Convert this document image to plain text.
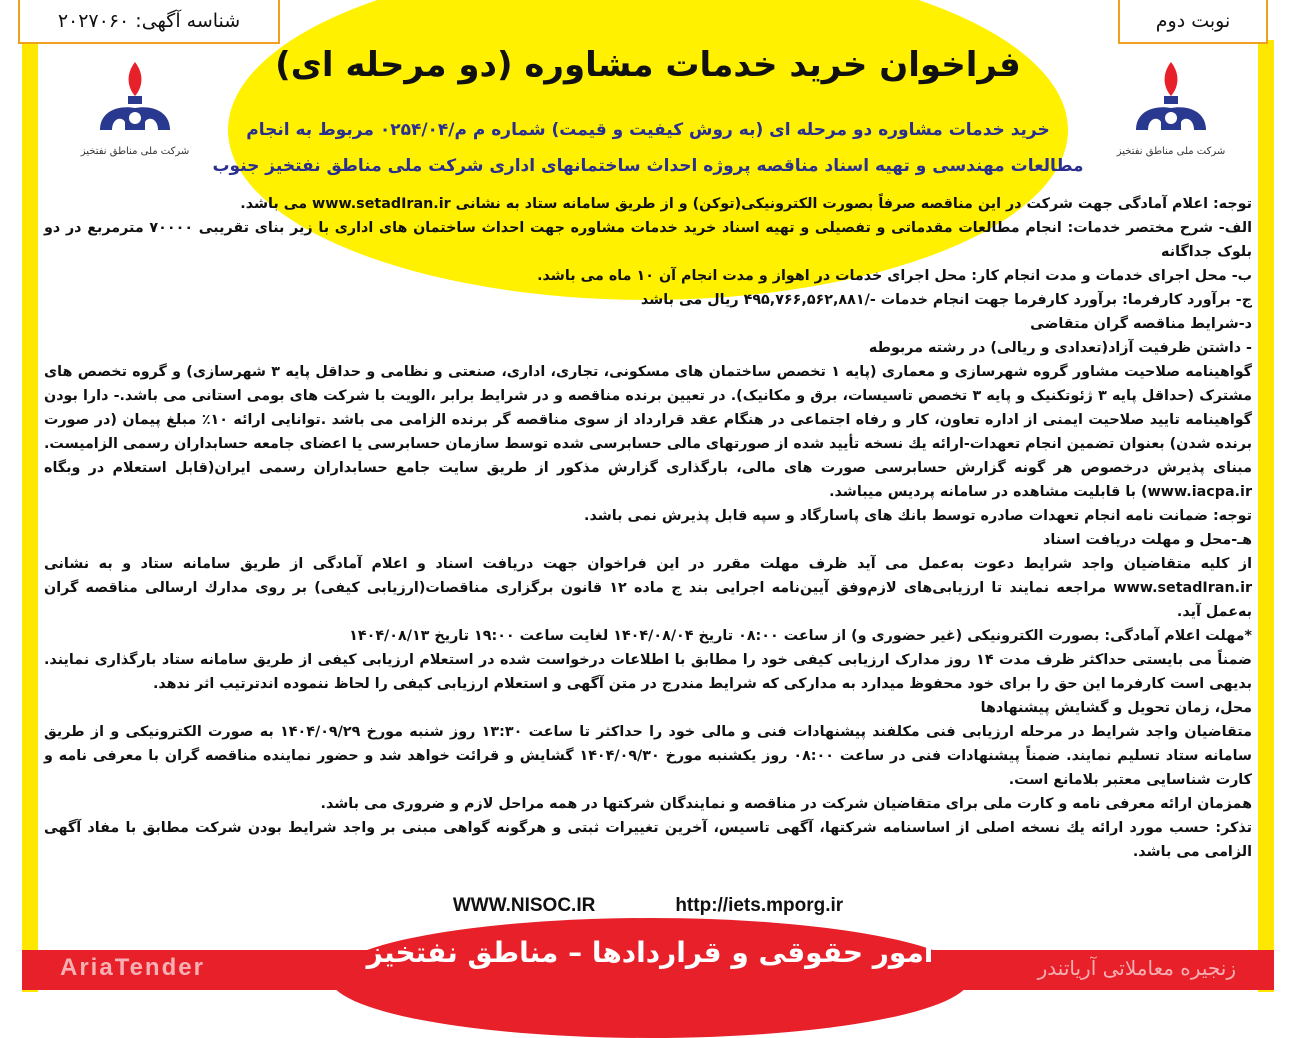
نوبت دوم
شناسه آگهی: ۲۰۲۷۰۶۰
شرکت ملی مناطق نفتخیز
شرکت ملی مناطق نفتخیز
فراخوان خرید خدمات مشاوره (دو مرحله ای)
خرید خدمات مشاوره دو مرحله ای (به روش کیفیت و قیمت) شماره م م/۰۲۵۴/۰۴ مربوط به انجام
مطالعات مهندسی و تهیه اسناد مناقصه پروژه احداث ساختمانهای اداری شرکت ملی مناطق نفتخیز جنوب

توجه: اعلام آمادگی جهت شرکت در این مناقصه صرفاً بصورت الکترونیکی(توکن) و از طریق سامانه ستاد به نشانی www.setadIran.ir می باشد.

الف- شرح مختصر خدمات: انجام مطالعات مقدماتی و تفصیلی و تهیه اسناد خرید خدمات مشاوره جهت احداث ساختمان های اداری با زیر بنای تقریبی ۷۰۰۰۰ مترمربع در دو بلوک جداگانه

ب- محل اجرای خدمات و مدت انجام کار: محل اجرای خدمات در اهواز و مدت انجام آن ۱۰ ماه می باشد.

ج- برآورد کارفرما: برآورد کارفرما جهت انجام خدمات -/۴۹۵,۷۶۶,۵۶۲,۸۸۱ ریال می باشد

د-شرایط مناقصه گران متقاضی

- داشتن ظرفیت آزاد(تعدادی و ریالی) در رشته مربوطه

گواهینامه صلاحیت مشاور گروه شهرسازی و معماری (پایه ۱ تخصص ساختمان های مسکونی، تجاری، اداری، صنعتی و نظامی و حداقل پایه ۳ شهرسازی) و گروه تخصص های مشترک (حداقل پایه ۳ ژئوتکنیک و پایه ۳ تخصص تاسیسات، برق و مکانیک). در تعیین برنده مناقصه و در شرایط برابر ،الویت با شرکت های بومی استانی می باشد.- دارا بودن گواهینامه تایید صلاحیت ایمنی از اداره تعاون، کار و رفاه اجتماعی در هنگام عقد قرارداد از سوی مناقصه گر برنده الزامی می باشد .توانایی ارائه ۱۰٪ مبلغ پیمان (در صورت برنده شدن) بعنوان تضمین انجام تعهدات-ارائه یك نسخه تأیید شده از صورتهای مالی حسابرسی شده توسط سازمان حسابرسی یا اعضای جامعه حسابداران رسمی الزامیست. مبنای پذیرش درخصوص هر گونه گزارش حسابرسی صورت های مالی، بارگذاری گزارش مذکور از طریق سایت جامع حسابداران رسمی ایران(قابل استعلام در وبگاه www.iacpa.ir) با قابلیت مشاهده در سامانه پردیس میباشد.

توجه: ضمانت نامه انجام تعهدات صادره توسط بانك های پاسارگاد و سپه قابل پذیرش نمی باشد.

هـ-محل و مهلت دریافت اسناد

از کلیه متقاضیان واجد شرایط دعوت به‌عمل می آید ظرف مهلت مقرر در این فراخوان جهت دریافت اسناد و اعلام آمادگی از طریق سامانه ستاد و به نشانی www.setadIran.ir مراجعه نمایند تا ارزیابی‌های لازم‌وفق آیین‌نامه اجرایی بند ج ماده ۱۲ قانون برگزاری مناقصات(ارزیابی کیفی) بر روی مدارك ارسالی مناقصه گران به‌عمل آید.

*مهلت اعلام آمادگی: بصورت الکترونیکی (غیر حضوری و) از ساعت ۰۸:۰۰ تاریخ ۱۴۰۴/۰۸/۰۴ لغایت ساعت ۱۹:۰۰ تاریخ ۱۴۰۴/۰۸/۱۳

ضمناً می بایستی حداکثر ظرف مدت ۱۴ روز مدارک ارزیابی کیفی خود را مطابق با اطلاعات درخواست شده در استعلام ارزیابی کیفی از طریق سامانه ستاد بارگذاری نمایند. بدیهی است کارفرما این حق را برای خود محفوظ میدارد به مدارکی که شرایط مندرج در متن آگهی و استعلام ارزیابی کیفی را لحاظ ننموده اندترتیب اثر ندهد.

محل، زمان تحویل و گشایش پیشنهادها

متقاضیان واجد شرایط در مرحله ارزیابی فنی مکلفند پیشنهادات فنی و مالی خود را حداکثر تا ساعت ۱۳:۳۰ روز شنبه مورخ ۱۴۰۴/۰۹/۲۹ به صورت الکترونیکی و از طریق سامانه ستاد تسلیم نمایند. ضمناً پیشنهادات فنی در ساعت ۰۸:۰۰ روز یکشنبه مورخ ۱۴۰۴/۰۹/۳۰ گشایش و قرائت خواهد شد و حضور نماینده مناقصه گران با معرفی نامه و کارت شناسایی معتبر بلامانع است.

همزمان ارائه معرفی نامه و کارت ملی برای متقاضیان شرکت در مناقصه و نمایندگان شرکتها در همه مراحل لازم و ضروری می باشد.

تذکر: حسب مورد ارائه یك نسخه اصلی از اساسنامه شرکتها، آگهی تاسیس، آخرین تغییرات ثبتی و هرگونه گواهی مبنی بر واجد شرایط بودن شرکت مطابق با مفاد آگهی الزامی می باشد.

WWW.NISOC.IR	http://iets.mporg.ir
امور حقوقی و قراردادها – مناطق نفتخیز
AriaTender	زنجیره معاملاتی آریاتندر
